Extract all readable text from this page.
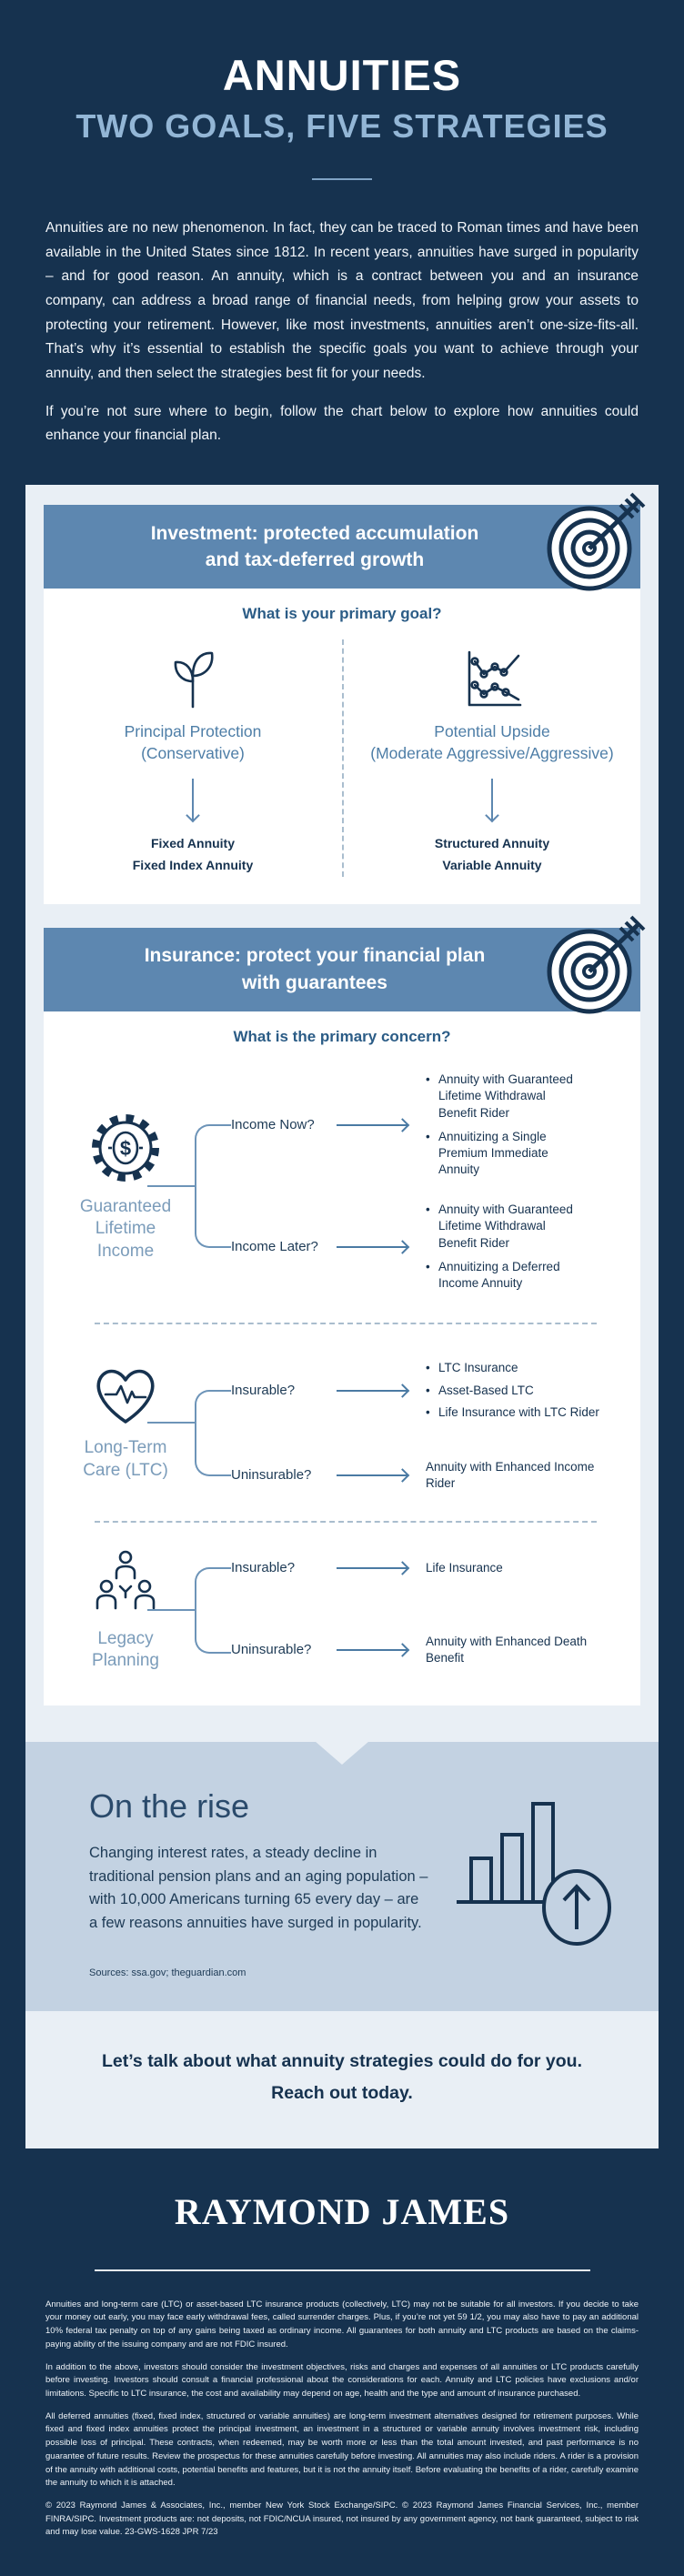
ANNUITIES
TWO GOALS, FIVE STRATEGIES

Annuities are no new phenomenon. In fact, they can be traced to Roman times and have been available in the United States since 1812. In recent years, annuities have surged in popularity – and for good reason. An annuity, which is a contract between you and an insurance company, can address a broad range of financial needs, from helping grow your assets to protecting your retirement. However, like most investments, annuities aren’t one-size-fits-all. That’s why it’s essential to establish the specific goals you want to achieve through your annuity, and then select the strategies best fit for your needs.

If you’re not sure where to begin, follow the chart below to explore how annuities could enhance your financial plan.

Investment: protected accumulation
and tax-deferred growth
What is your primary goal?
Principal Protection
(Conservative)
Fixed Annuity
Fixed Index Annuity
Potential Upside
(Moderate Aggressive/Aggressive)
Structured Annuity
Variable Annuity
Insurance: protect your financial plan
with guarantees
What is the primary concern?
$
Guaranteed
Lifetime
Income
Income Now?
• Annuity with Guaranteed Lifetime Withdrawal Benefit Rider
• Annuitizing a Single Premium Immediate Annuity
Income Later?
• Annuity with Guaranteed Lifetime Withdrawal Benefit Rider
• Annuitizing a Deferred Income Annuity
Long-Term
Care (LTC)
Insurable?
• LTC Insurance
• Asset-Based LTC
• Life Insurance with LTC Rider
Uninsurable?
Annuity with Enhanced Income Rider
Legacy
Planning
Insurable?	Life Insurance
Uninsurable?
Annuity with Enhanced Death Benefit
On the rise

Changing interest rates, a steady decline in traditional pension plans and an aging population – with 10,000 Americans turning 65 every day – are a few reasons annuities have surged in popularity.

Sources: ssa.gov; theguardian.com

Let’s talk about what annuity strategies could do for you.
Reach out today.
RAYMOND JAMES

Annuities and long-term care (LTC) or asset-based LTC insurance products (collectively, LTC) may not be suitable for all investors. If you decide to take your money out early, you may face early withdrawal fees, called surrender charges. Plus, if you’re not yet 59 1/2, you may also have to pay an additional 10% federal tax penalty on top of any gains being taxed as ordinary income. All guarantees for both annuity and LTC products are based on the claims-paying ability of the issuing company and are not FDIC insured.

In addition to the above, investors should consider the investment objectives, risks and charges and expenses of all annuities or LTC products carefully before investing. Investors should consult a financial professional about the considerations for each. Annuity and LTC policies have exclusions and/or limitations. Specific to LTC insurance, the cost and availability may depend on age, health and the type and amount of insurance purchased.

All deferred annuities (fixed, fixed index, structured or variable annuities) are long-term investment alternatives designed for retirement purposes. While fixed and fixed index annuities protect the principal investment, an investment in a structured or variable annuity involves investment risk, including possible loss of principal. These contracts, when redeemed, may be worth more or less than the total amount invested, and past performance is no guarantee of future results. Review the prospectus for these annuities carefully before investing. All annuities may also include riders. A rider is a provision of the annuity with additional costs, potential benefits and features, but it is not the annuity itself. Before evaluating the benefits of a rider, carefully examine the annuity to which it is attached.

© 2023 Raymond James & Associates, Inc., member New York Stock Exchange/SIPC. © 2023 Raymond James Financial Services, Inc., member FINRA/SIPC. Investment products are: not deposits, not FDIC/NCUA insured, not insured by any government agency, not bank guaranteed, subject to risk and may lose value. 23-GWS-1628 JPR 7/23
